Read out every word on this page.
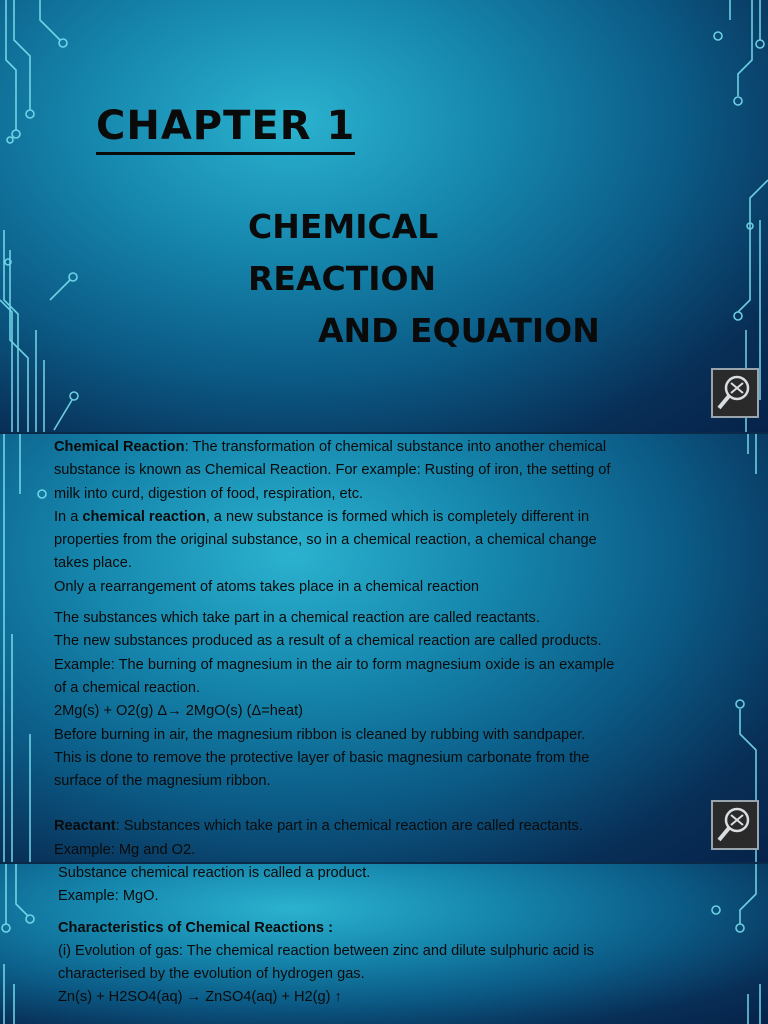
CHAPTER 1
CHEMICAL
REACTION
AND EQUATION

Chemical Reaction: The transformation of chemical substance into another chemical

substance is known as Chemical Reaction. For example: Rusting of iron, the setting of

milk into curd, digestion of food, respiration, etc.

In a chemical reaction, a new substance is formed which is completely different in

properties from the original substance, so in a chemical reaction, a chemical change

takes place.

Only a rearrangement of atoms takes place in a chemical reaction

The substances which take part in a chemical reaction are called reactants.

The new substances produced as a result of a chemical reaction are called products.

Example: The burning of magnesium in the air to form magnesium oxide is an example

of a chemical reaction.

2Mg(s) + O2(g) Δ→ 2MgO(s) (Δ=heat)

Before burning in air, the magnesium ribbon is cleaned by rubbing with sandpaper.

This is done to remove the protective layer of basic magnesium carbonate from the

surface of the magnesium ribbon.

Reactant: Substances which take part in a chemical reaction are called reactants.

Example: Mg and O2.

Substance chemical reaction is called a product.

Example: MgO.

Characteristics of Chemical Reactions :

(i) Evolution of gas: The chemical reaction between zinc and dilute sulphuric acid is

characterised by the evolution of hydrogen gas.

Zn(s) + H2SO4(aq) → ZnSO4(aq) + H2(g) ↑
